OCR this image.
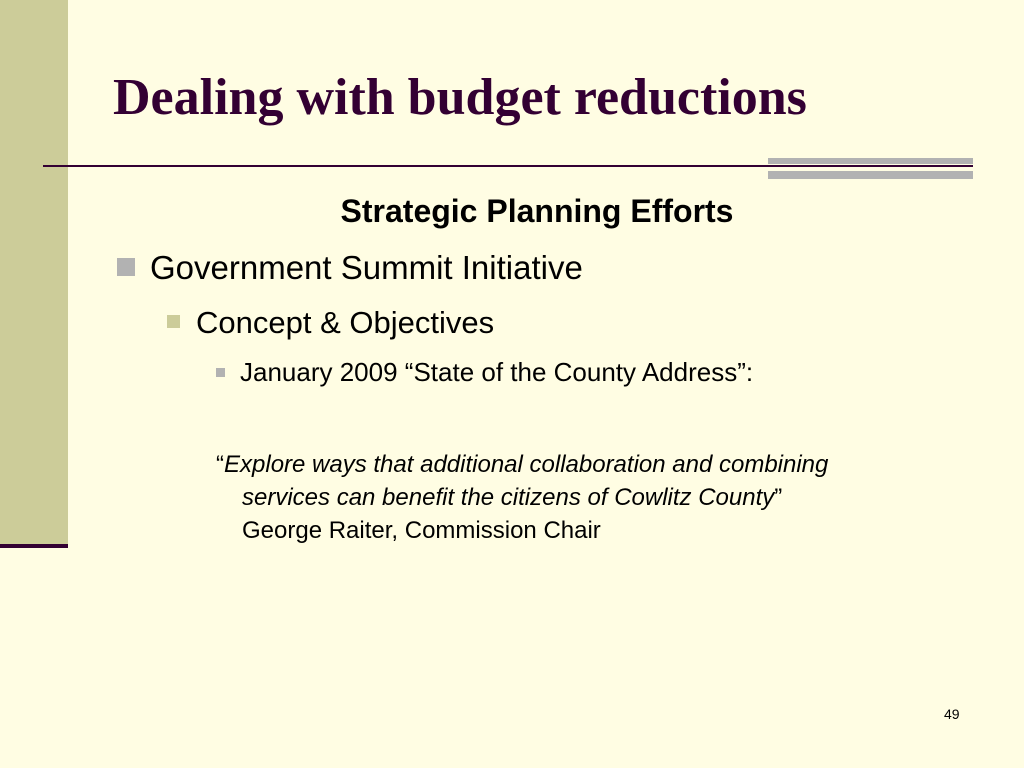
Dealing with budget reductions
Strategic Planning Efforts
Government Summit Initiative
Concept & Objectives
January 2009 “State of the County Address”:
“Explore ways that additional collaboration and combining
services can benefit the citizens of Cowlitz County”
George Raiter, Commission Chair
49
